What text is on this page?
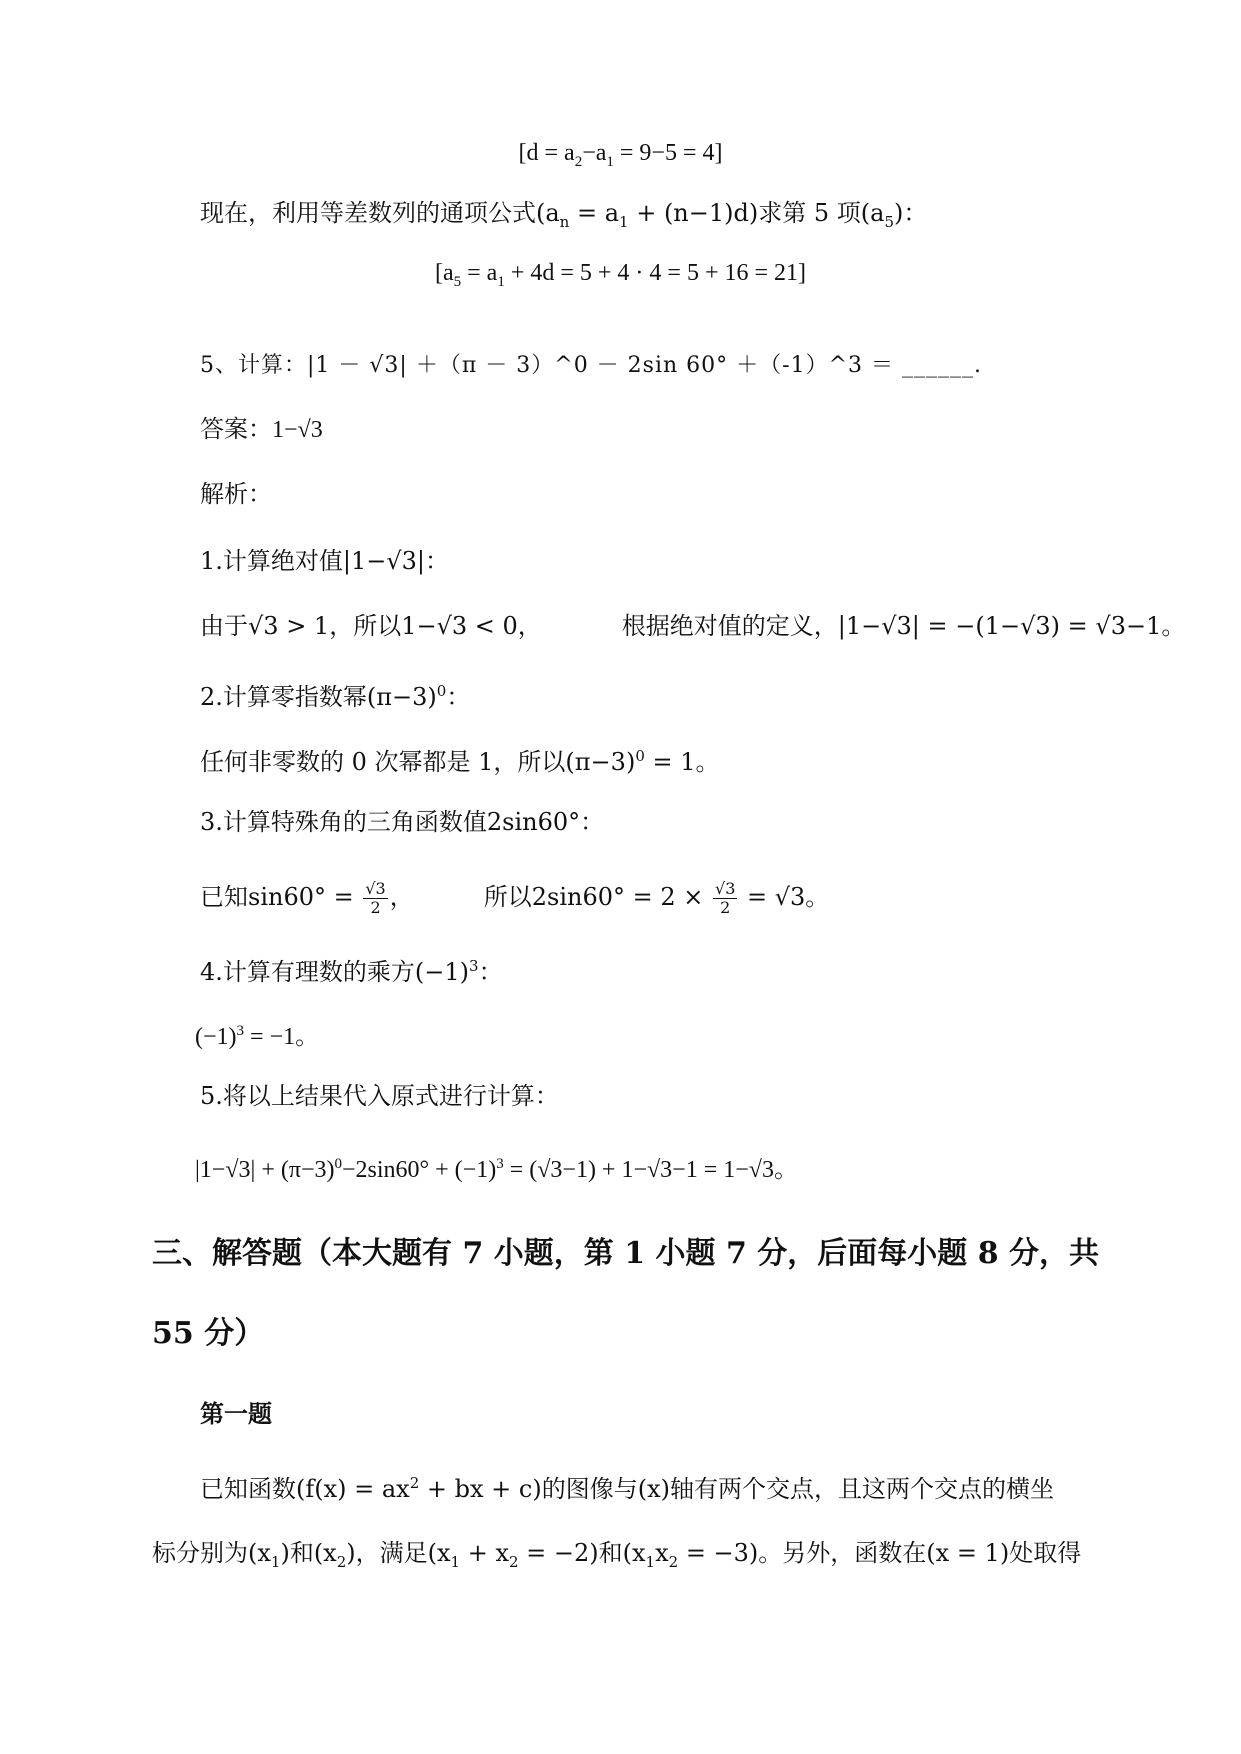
$[d = a_2-a_1 = 9-5 = 4]$
现在，利用等差数列的通项公式$(a_n = a_1 + (n-1)d)$求第 5 项$(a_5)$：
$[a_5 = a_1 + 4d = 5 + 4 \cdot 4 = 5 + 16 = 21]$
5、计算：|1 － √3| ＋（π － 3）^0 － 2sin 60° ＋（-1）^3 ＝ ______.
答案：1−√3
解析：
1.计算绝对值|1−√3|：
由于√3 > 1，所以1−√3 < 0，	根据绝对值的定义，|1−√3| = −(1−√3) = √3−1。
2.计算零指数幂$(\pi-3)^0$：
任何非零数的 0 次幂都是 1，所以$(\pi-3)^0 = 1$。
3.计算特殊角的三角函数值2sin60°：
已知$\sin 60^\circ = \frac{√3}{2}$ ，	所以$2\sin 60^\circ = 2 \times \frac{√3}{2} = √3$。
4.计算有理数的乘方$(-1)^3$：
$(-1)^3 = -1$。
5.将以上结果代入原式进行计算：
$|1-√3| + (\pi-3)^0-2\sin 60^\circ + (-1)^3 = (√3-1) + 1-√3-1 = 1-√3$。
三、解答题（本大题有 7 小题，第 1 小题 7 分，后面每小题 8 分，共
55 分）
第一题
已知函数($f(x) = ax^2$ + bx + c)的图像与(x)轴有两个交点，且这两个交点的横坐
标分别为$(x_1)$和$(x_2)$，满足$(x_1 + x_2 = -2)$和$(x_1x_2 = -3)$。另外，函数在(x = 1)处取得
